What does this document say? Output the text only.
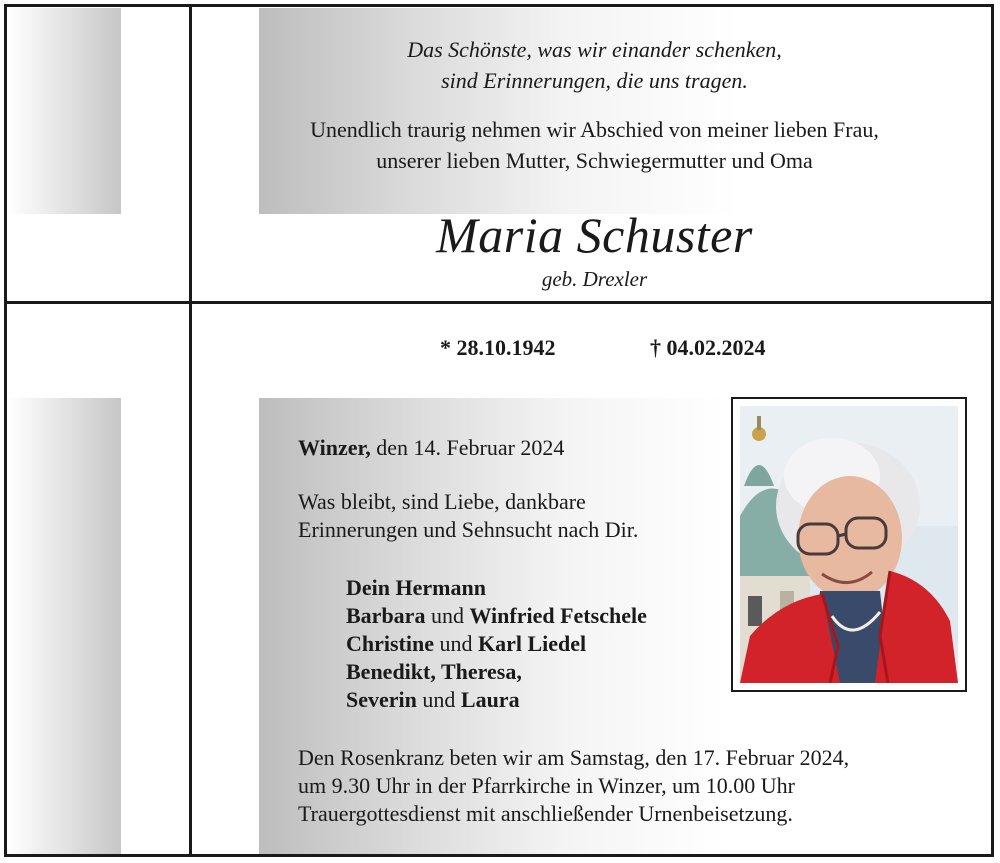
Das Schönste, was wir einander schenken,
sind Erinnerungen, die uns tragen.
Unendlich traurig nehmen wir Abschied von meiner lieben Frau,
unserer lieben Mutter, Schwiegermutter und Oma
Maria Schuster
geb. Drexler
* 28.10.1942	† 04.02.2024
Winzer, den 14. Februar 2024
Was bleibt, sind Liebe, dankbare
Erinnerungen und Sehnsucht nach Dir.
Dein Hermann
Barbara und Winfried Fetschele
Christine und Karl Liedel
Benedikt, Theresa,
Severin und Laura
Den Rosenkranz beten wir am Samstag, den 17. Februar 2024,
um 9.30 Uhr in der Pfarrkirche in Winzer, um 10.00 Uhr
Trauergottesdienst mit anschließender Urnenbeisetzung.
